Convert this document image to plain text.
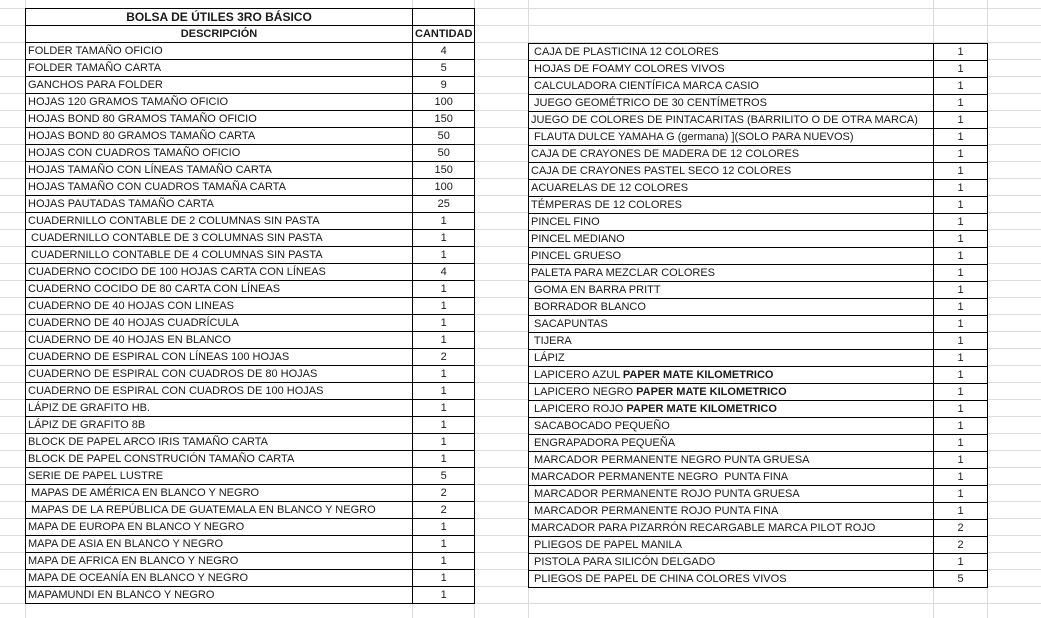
BOLSA DE ÚTILES 3RO BÁSICO	
DESCRIPCIÓN	CANTIDAD
FOLDER TAMAÑO OFICIO	4
FOLDER TAMAÑO CARTA	5
GANCHOS PARA FOLDER	9
HOJAS 120 GRAMOS TAMAÑO OFICIO	100
HOJAS BOND 80 GRAMOS TAMAÑO OFICIO	150
HOJAS BOND 80 GRAMOS TAMAÑO CARTA	50
HOJAS CON CUADROS TAMAÑO OFICIO	50
HOJAS TAMAÑO CON LÍNEAS TAMAÑO CARTA	150
HOJAS TAMAÑO CON CUADROS TAMAÑA CARTA	100
HOJAS PAUTADAS TAMAÑO CARTA	25
CUADERNILLO CONTABLE DE 2 COLUMNAS SIN PASTA	1
CUADERNILLO CONTABLE DE 3 COLUMNAS SIN PASTA	1
CUADERNILLO CONTABLE DE 4 COLUMNAS SIN PASTA	1
CUADERNO COCIDO DE 100 HOJAS CARTA CON LÍNEAS	4
CUADERNO COCIDO DE 80 CARTA CON LÍNEAS	1
CUADERNO DE 40 HOJAS CON LINEAS	1
CUADERNO DE 40 HOJAS CUADRÍCULA	1
CUADERNO DE 40 HOJAS EN BLANCO	1
CUADERNO DE ESPIRAL CON LÍNEAS 100 HOJAS	2
CUADERNO DE ESPIRAL CON CUADROS DE 80 HOJAS	1
CUADERNO DE ESPIRAL CON CUADROS DE 100 HOJAS	1
LÁPIZ DE GRAFITO HB.	1
LÁPIZ DE GRAFITO 8B	1
BLOCK DE PAPEL ARCO IRIS TAMAÑO CARTA	1
BLOCK DE PAPEL CONSTRUCIÓN TAMAÑO CARTA	1
SERIE DE PAPEL LUSTRE	5
MAPAS DE AMÉRICA EN BLANCO Y NEGRO	2
MAPAS DE LA REPÚBLICA DE GUATEMALA EN BLANCO Y NEGRO	2
MAPA DE EUROPA EN BLANCO Y NEGRO	1
MAPA DE ASIA EN BLANCO Y NEGRO	1
MAPA DE AFRICA EN BLANCO Y NEGRO	1
MAPA DE OCEANÍA EN BLANCO Y NEGRO	1
MAPAMUNDI EN BLANCO Y NEGRO	1
CAJA DE PLASTICINA 12 COLORES	1
HOJAS DE FOAMY COLORES VIVOS	1
CALCULADORA CIENTÍFICA MARCA CASIO	1
JUEGO GEOMÉTRICO DE 30 CENTÍMETROS	1
JUEGO DE COLORES DE PINTACARITAS (BARRILITO O DE OTRA MARCA)	1
FLAUTA DULCE YAMAHA G (germana) ](SOLO PARA NUEVOS)	1
CAJA DE CRAYONES DE MADERA DE 12 COLORES	1
CAJA DE CRAYONES PASTEL SECO 12 COLORES	1
ACUARELAS DE 12 COLORES	1
TÉMPERAS DE 12 COLORES	1
PINCEL FINO	1
PINCEL MEDIANO	1
PINCEL GRUESO	1
PALETA PARA MEZCLAR COLORES	1
GOMA EN BARRA PRITT	1
BORRADOR BLANCO	1
SACAPUNTAS	1
TIJERA	1
LÁPIZ	1
LAPICERO AZUL PAPER MATE KILOMETRICO	1
LAPICERO NEGRO PAPER MATE KILOMETRICO	1
LAPICERO ROJO PAPER MATE KILOMETRICO	1
SACABOCADO PEQUEÑO	1
ENGRAPADORA PEQUEÑA	1
MARCADOR PERMANENTE NEGRO PUNTA GRUESA	1
MARCADOR PERMANENTE NEGRO  PUNTA FINA	1
MARCADOR PERMANENTE ROJO PUNTA GRUESA	1
MARCADOR PERMANENTE ROJO PUNTA FINA	1
MARCADOR PARA PIZARRÓN RECARGABLE MARCA PILOT ROJO	2
PLIEGOS DE PAPEL MANILA	2
PISTOLA PARA SILICÓN DELGADO	1
PLIEGOS DE PAPEL DE CHINA COLORES VIVOS	5
